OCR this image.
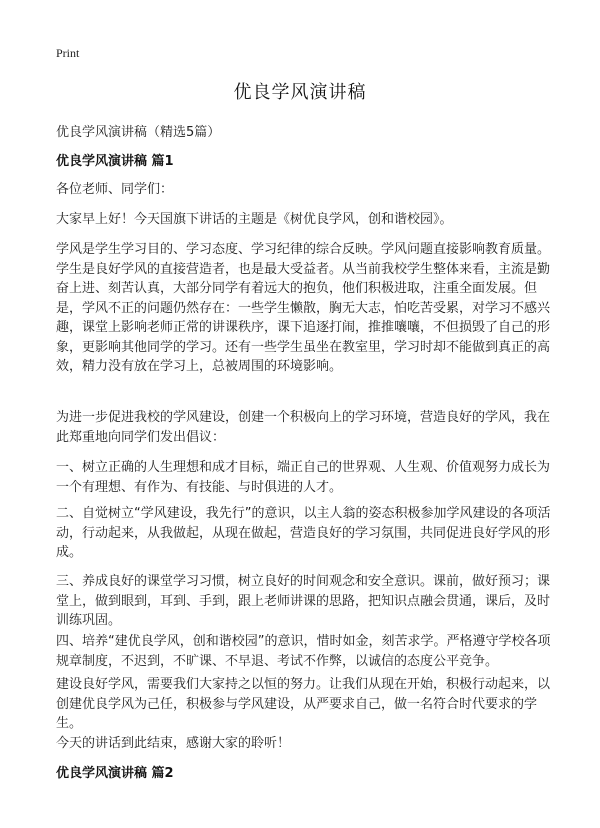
Print
优良学风演讲稿
优良学风演讲稿（精选5篇）
优良学风演讲稿 篇1

各位老师、同学们：

大家早上好！今天国旗下讲话的主题是《树优良学风，创和谐校园》。

学风是学生学习目的、学习态度、学习纪律的综合反映。学风问题直接影响教育质量。学生是良好学风的直接营造者，也是最大受益者。从当前我校学生整体来看，主流是勤奋上进、刻苦认真，大部分同学有着远大的抱负，他们积极进取，注重全面发展。但是，学风不正的问题仍然存在：一些学生懒散，胸无大志，怕吃苦受累，对学习不感兴趣，课堂上影响老师正常的讲课秩序，课下追逐打闹，推推嚷嚷，不但损毁了自己的形象，更影响其他同学的学习。还有一些学生虽坐在教室里，学习时却不能做到真正的高效，精力没有放在学习上，总被周围的环境影响。

为进一步促进我校的学风建设，创建一个积极向上的学习环境，营造良好的学风，我在此郑重地向同学们发出倡议：

一、树立正确的人生理想和成才目标，端正自己的世界观、人生观、价值观努力成长为一个有理想、有作为、有技能、与时俱进的人才。

二、自觉树立“学风建设，我先行”的意识，以主人翁的姿态积极参加学风建设的各项活动，行动起来，从我做起，从现在做起，营造良好的学习氛围，共同促进良好学风的形成。

三、养成良好的课堂学习习惯，树立良好的时间观念和安全意识。课前，做好预习；课堂上，做到眼到，耳到、手到，跟上老师讲课的思路，把知识点融会贯通，课后，及时训练巩固。

四、培养“建优良学风，创和谐校园”的意识，惜时如金，刻苦求学。严格遵守学校各项规章制度，不迟到，不旷课、不早退、考试不作弊，以诚信的态度公平竞争。

建设良好学风，需要我们大家持之以恒的努力。让我们从现在开始，积极行动起来，以创建优良学风为己任，积极参与学风建设，从严要求自己，做一名符合时代要求的学生。

今天的讲话到此结束，感谢大家的聆听！

优良学风演讲稿 篇2
